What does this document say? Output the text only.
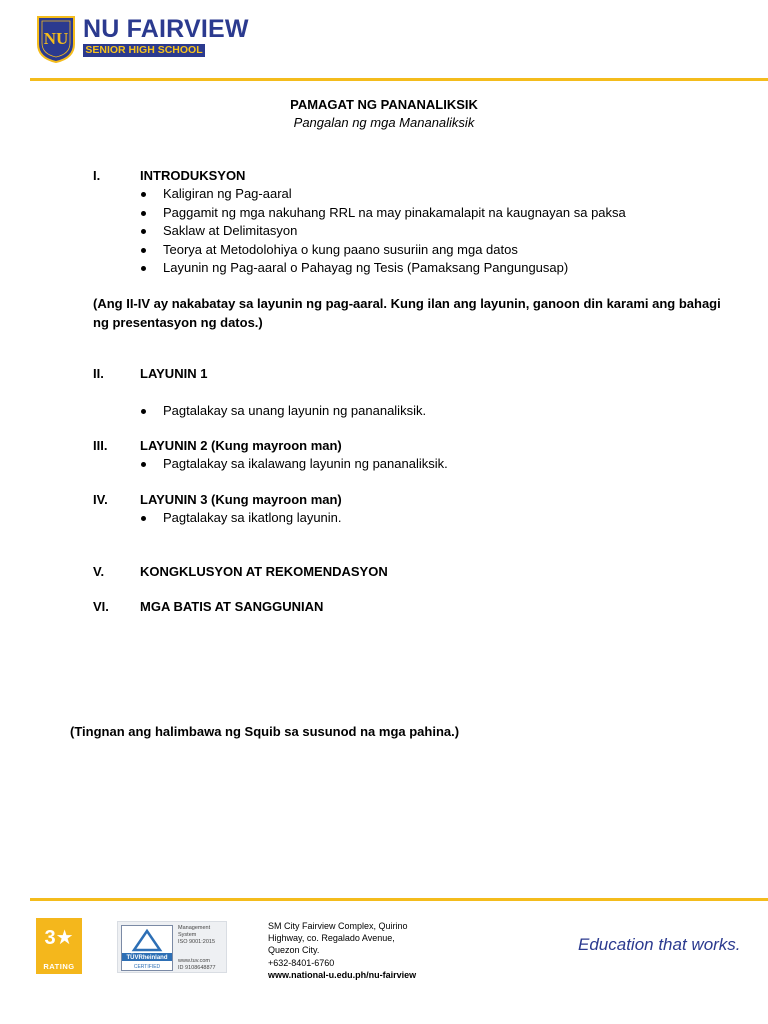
NU NU FAIRVIEW
SENIOR HIGH SCHOOL
PAMAGAT NG PANANALIKSIK
Pangalan ng mga Mananaliksik
I.	INTRODUKSYON
Kaligiran ng Pag-aaral
Paggamit ng mga nakuhang RRL na may pinakamalapit na kaugnayan sa paksa
Saklaw at Delimitasyon
Teorya at Metodolohiya o kung paano susuriin ang mga datos
Layunin ng Pag-aaral o Pahayag ng Tesis (Pamaksang Pangungusap)
(Ang II-IV ay nakabatay sa layunin ng pag-aaral. Kung ilan ang layunin, ganoon din karami ang bahagi ng presentasyon ng datos.)
II.	LAYUNIN 1
Pagtalakay sa unang layunin ng pananaliksik.
III.	LAYUNIN 2 (Kung mayroon man)
Pagtalakay sa ikalawang layunin ng pananaliksik.
IV. LAYUNIN 3 (Kung mayroon man)
Pagtalakay sa ikatlong layunin.
V.	KONGKLUSYON AT REKOMENDASYON
VI. MGA BATIS AT SANGGUNIAN
(Tingnan ang halimbawa ng Squib sa susunod na mga pahina.)
3★
RATING
TÜVRheinland
CERTIFIED
Management
System
ISO 9001:2015
www.tuv.com
ID 9108648877
SM City Fairview Complex, Quirino
Highway, co. Regalado Avenue,
Quezon City.
+632-8401-6760
www.national-u.edu.ph/nu-fairview
Education that works.
